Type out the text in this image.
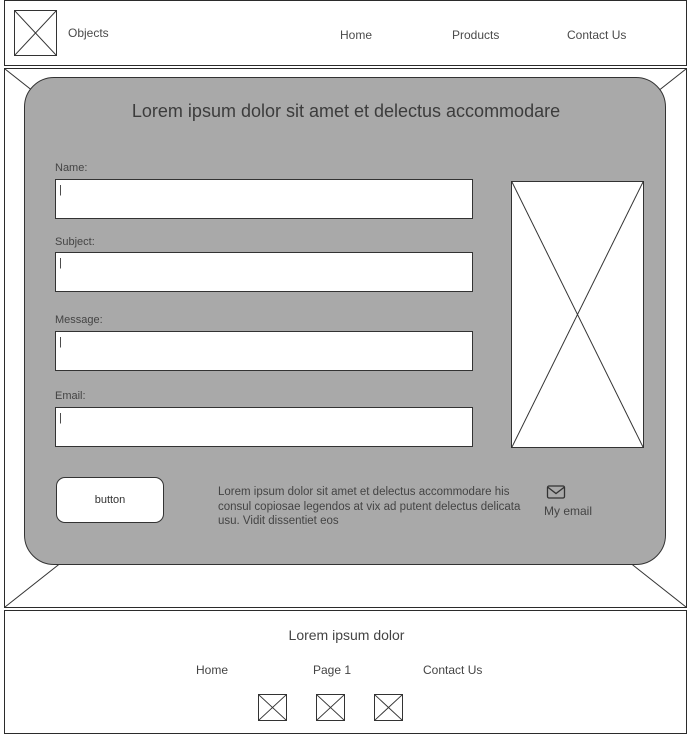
Objects	Home	Products	Contact Us
Lorem ipsum dolor sit amet et delectus accommodare
Name:
|
Subject:
|
Message:
|
Email:
|
button
Lorem ipsum dolor sit amet et delectus accommodare his consul copiosae legendos at vix ad putent delectus delicata usu. Vidit dissentiet eos
My email
Lorem ipsum dolor
Home	Page 1	Contact Us
